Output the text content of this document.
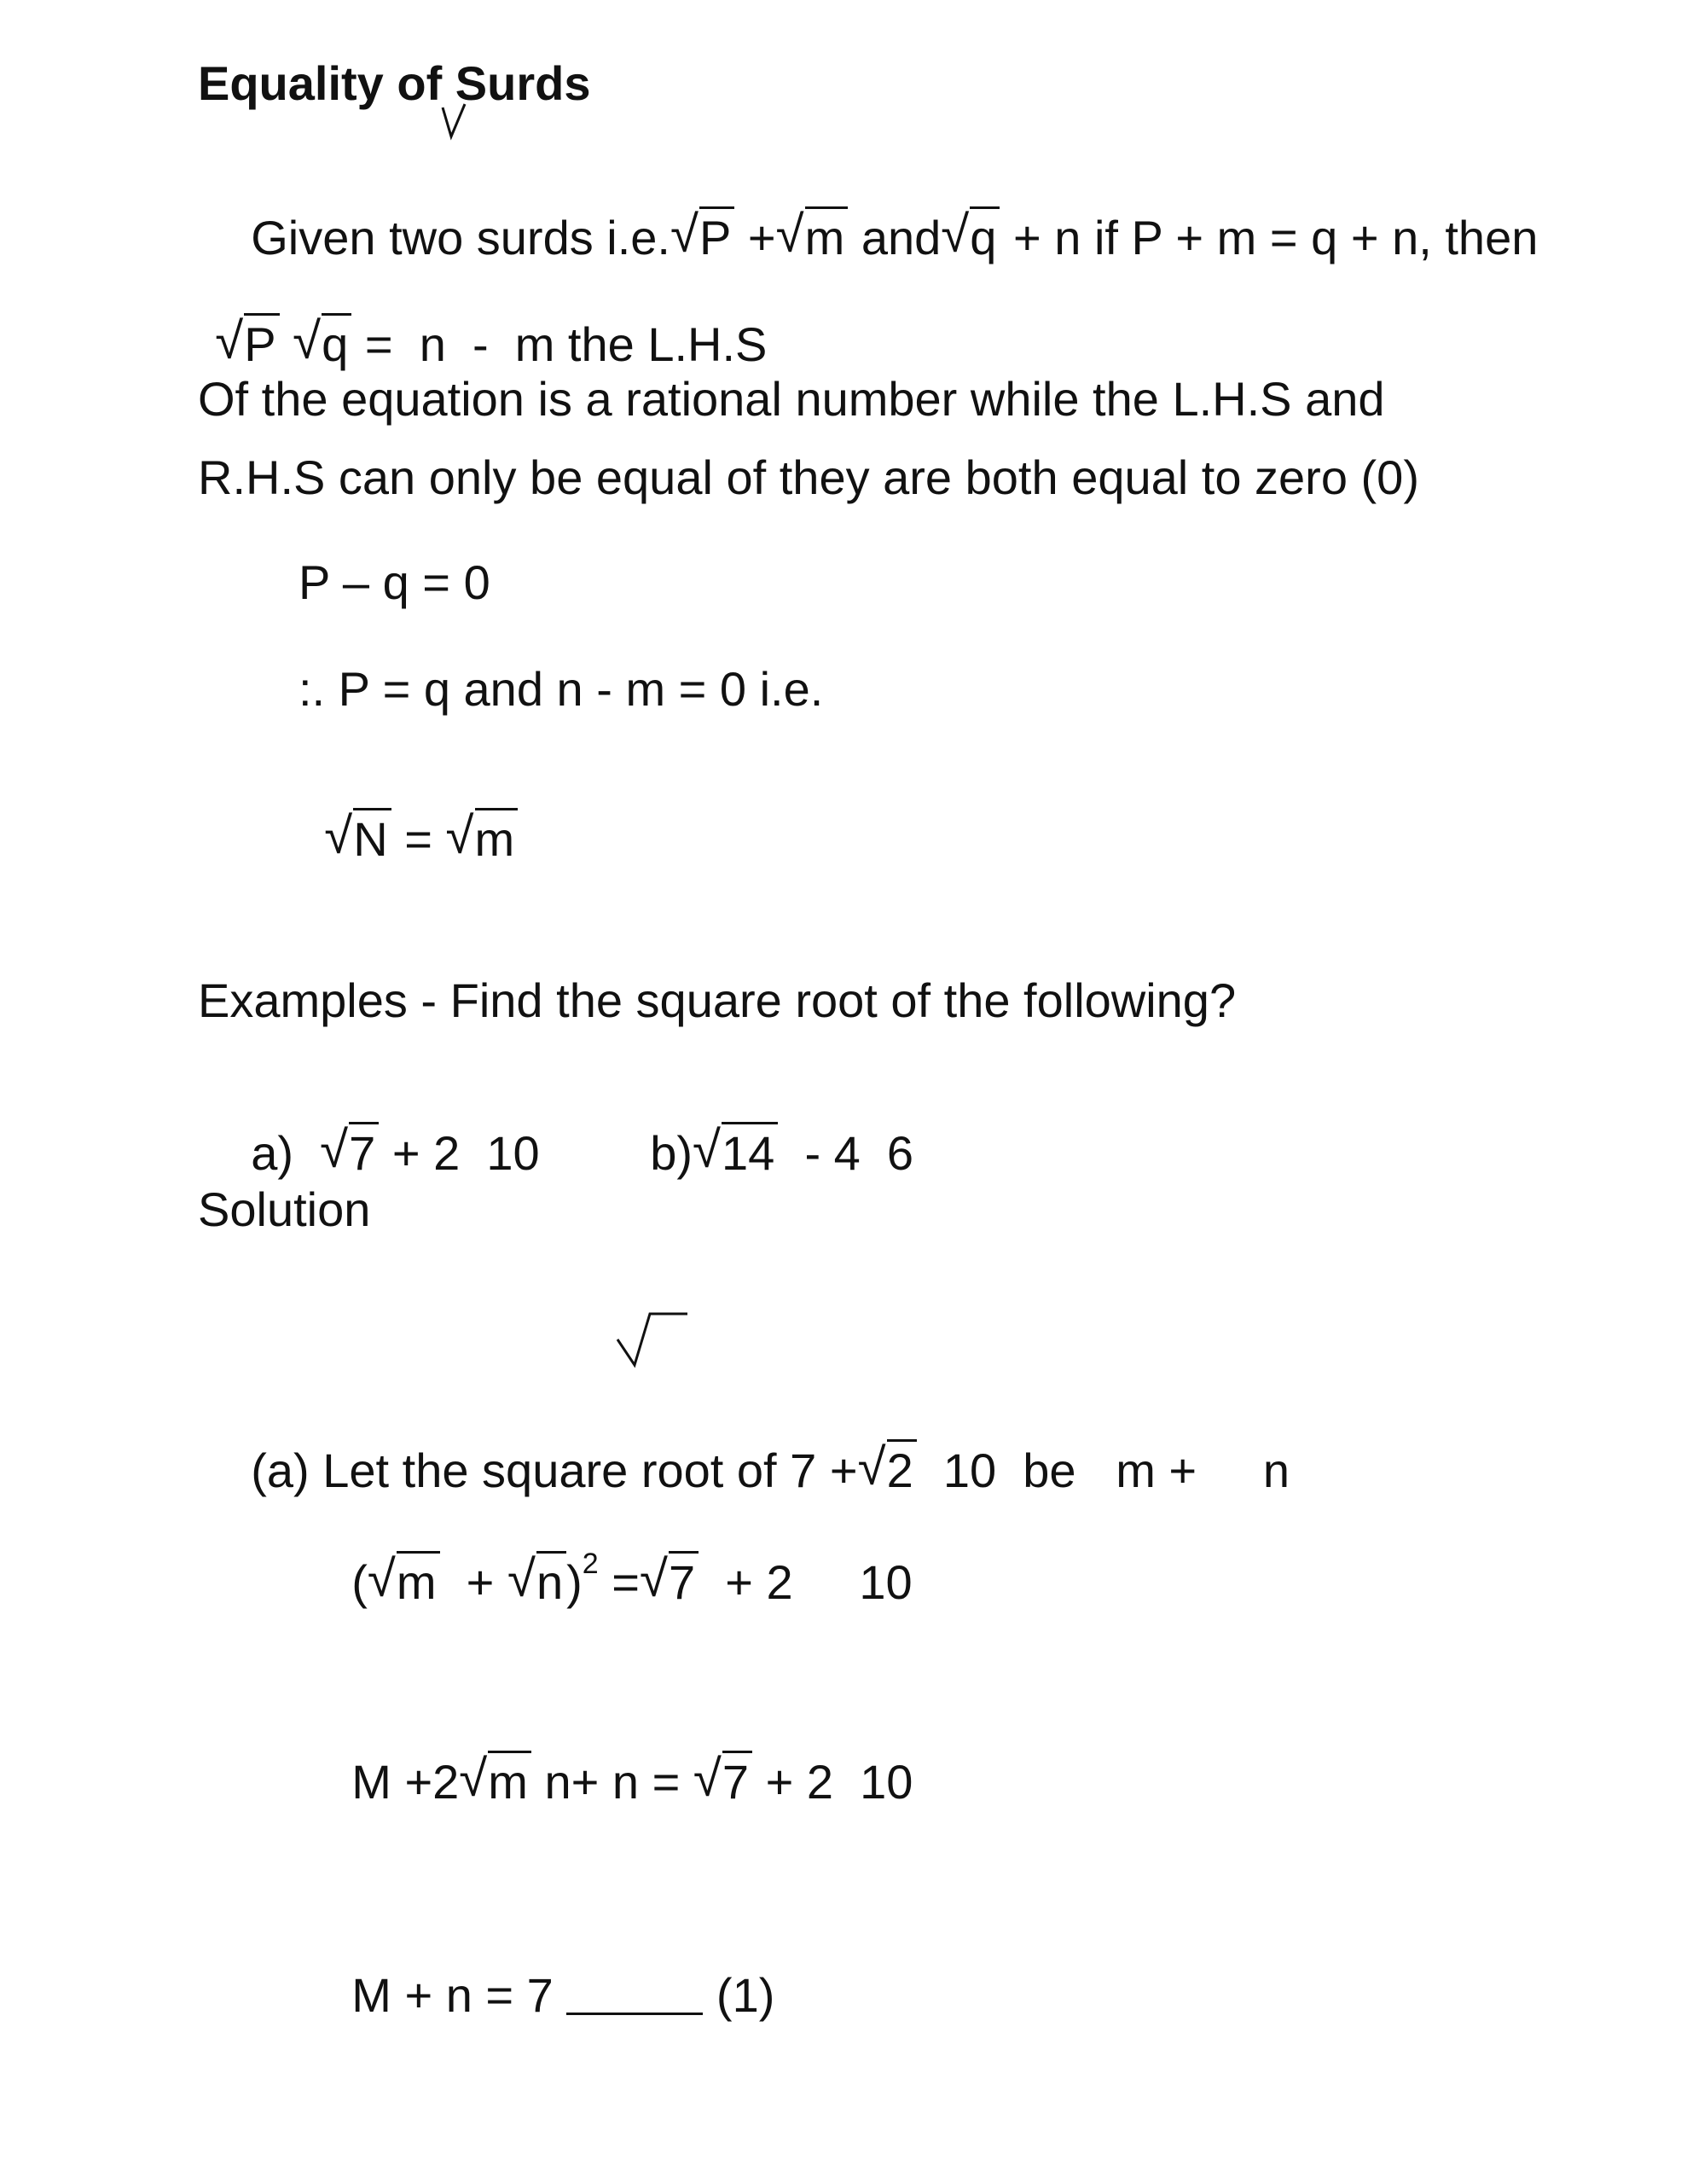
Equality of Surds

Given two surds i.e. √ P + √ m and √ q + n if P + m = q + n, then

√ P √ q =  n  -  m the L.H.S

Of the equation is a rational number while the L.H.S and
R.H.S can only be equal of they are both equal to zero (0)
P – q = 0
:. P = q and n - m = 0 i.e.

√ N = √ m

Examples - Find the square root of the following?

a) √ 7 + 2  10
	b) √ 14  - 4  6

Solution

(a) Let the square root of 7 + √ 2  10  be   m +     n

( √ m  + √ n)$^2$ = √ 7  + 2     10

M +2 √ m n+ n = √ 7 + 2  10

M + n = 7	(1)
